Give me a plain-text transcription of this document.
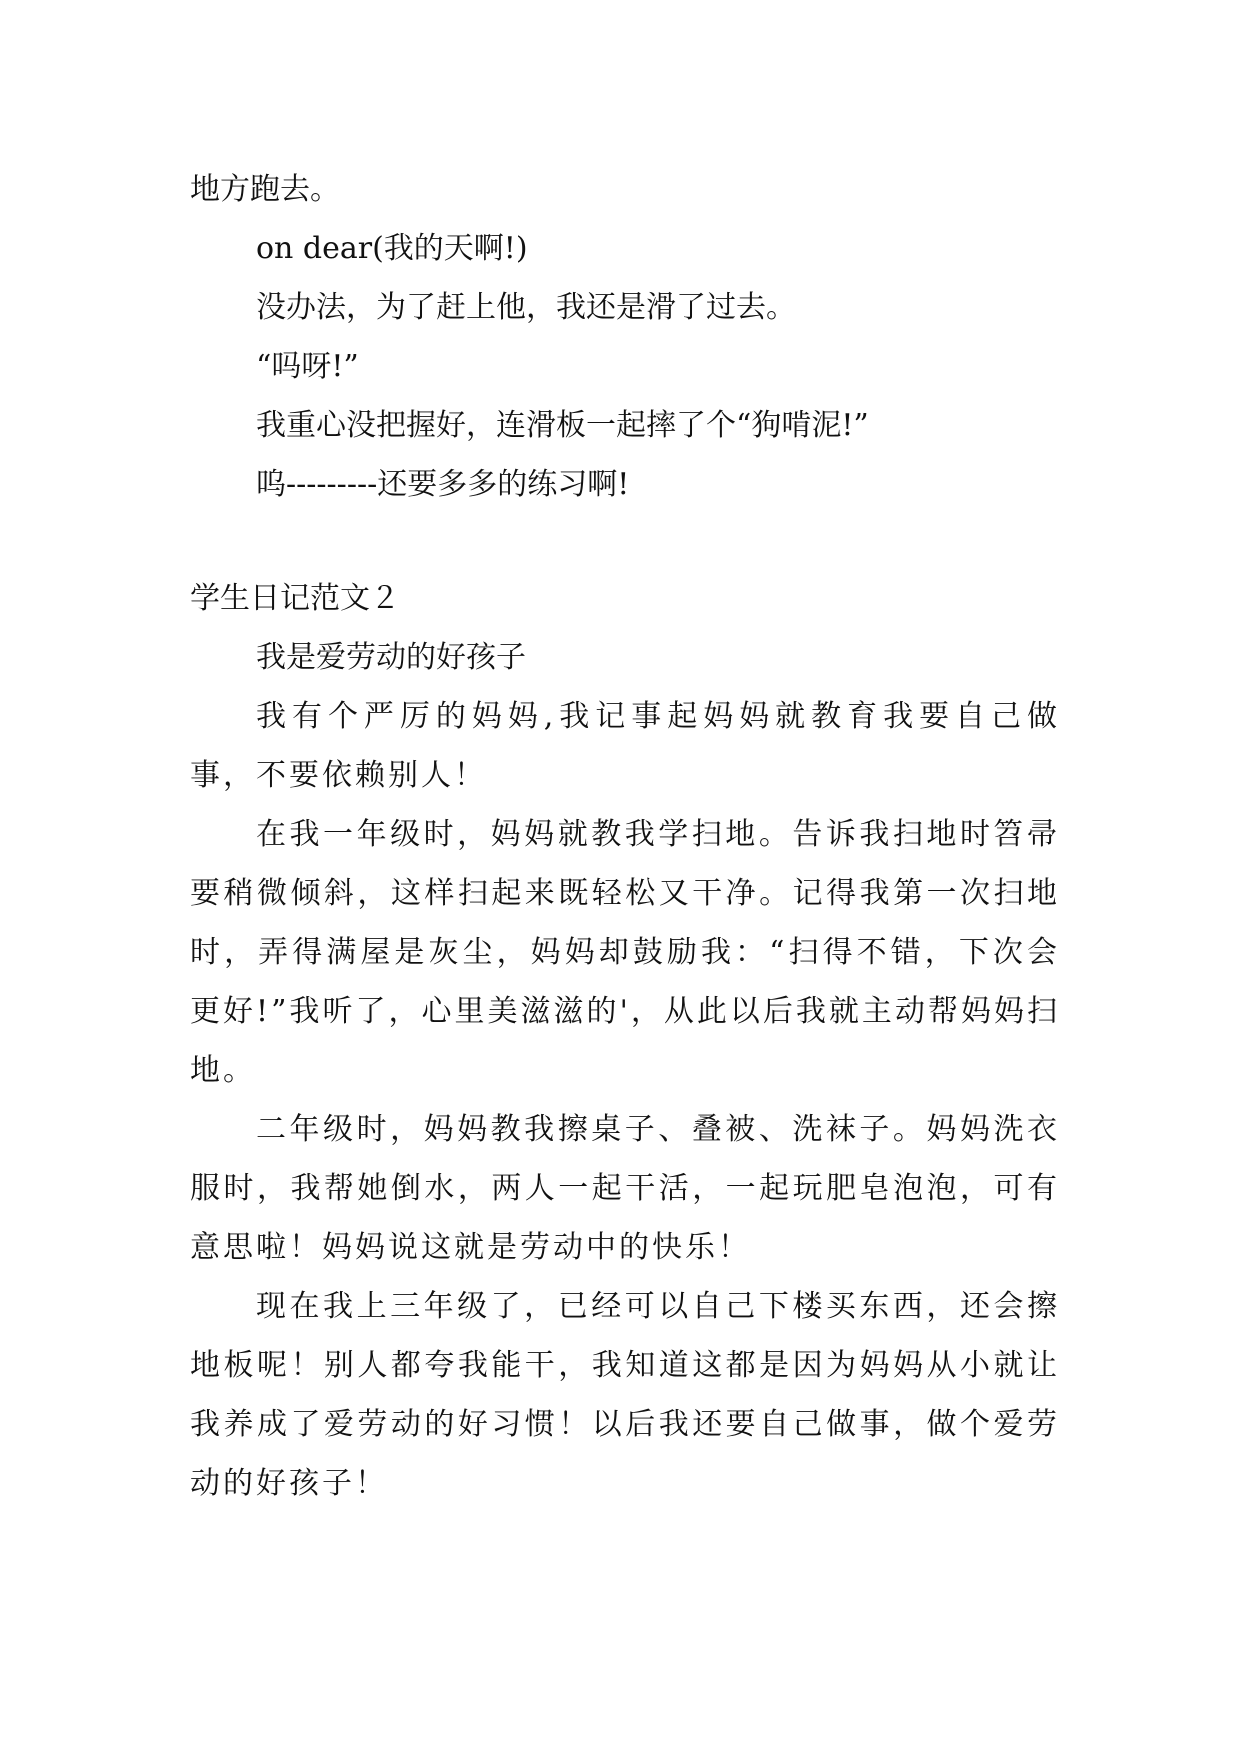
地方跑去。

on dear(我的天啊!)

没办法，为了赶上他，我还是滑了过去。

“吗呀!”

我重心没把握好，连滑板一起摔了个“狗啃泥!”

呜---------还要多多的练习啊!

学生日记范文２

我是爱劳动的好孩子

我有个严厉的妈妈,我记事起妈妈就教育我要自己做事，不要依赖别人！

在我一年级时，妈妈就教我学扫地。告诉我扫地时笤帚要稍微倾斜，这样扫起来既轻松又干净。记得我第一次扫地时，弄得满屋是灰尘，妈妈却鼓励我：“扫得不错，下次会更好!”我听了，心里美滋滋的'，从此以后我就主动帮妈妈扫地。

二年级时，妈妈教我擦桌子、叠被、洗袜子。妈妈洗衣服时，我帮她倒水，两人一起干活，一起玩肥皂泡泡，可有意思啦！妈妈说这就是劳动中的快乐！

现在我上三年级了，已经可以自己下楼买东西，还会擦地板呢！别人都夸我能干，我知道这都是因为妈妈从小就让我养成了爱劳动的好习惯！以后我还要自己做事，做个爱劳动的好孩子！
